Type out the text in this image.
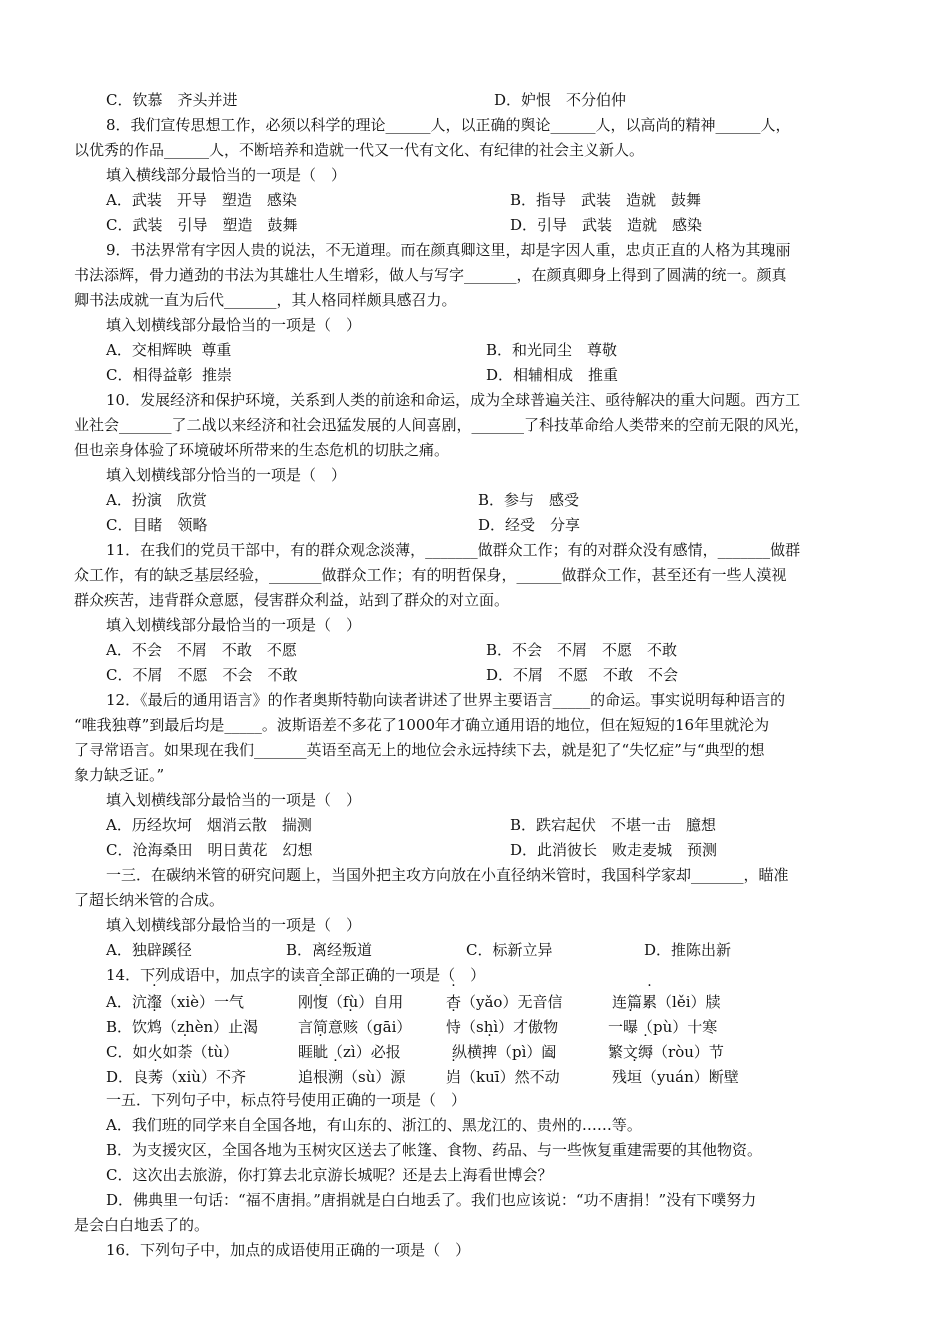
C．钦慕　齐头并进	D．妒恨　不分伯仲
8．我们宣传思想工作，必须以科学的理论______人，以正确的舆论______人，以高尚的精神______人，
以优秀的作品______人，不断培养和造就一代又一代有文化、有纪律的社会主义新人。
填入横线部分最恰当的一项是（　）
A．武装　开导　塑造　感染	B．指导　武装　造就　鼓舞
C．武装　引导　塑造　鼓舞	D．引导　武装　造就　感染
9．书法界常有字因人贵的说法，不无道理。而在颜真卿这里，却是字因人重，忠贞正直的人格为其瑰丽
书法添辉，骨力遒劲的书法为其雄壮人生增彩，做人与写字_______，在颜真卿身上得到了圆满的统一。颜真
卿书法成就一直为后代_______，其人格同样颇具感召力。
填入划横线部分最恰当的一项是（　）
A．交相辉映  尊重	B．和光同尘　尊敬
C．相得益彰  推崇	D．相辅相成　推重
10．发展经济和保护环境，关系到人类的前途和命运，成为全球普遍关注、亟待解决的重大问题。西方工
业社会_______了二战以来经济和社会迅猛发展的人间喜剧，_______了科技革命给人类带来的空前无限的风光，
但也亲身体验了环境破坏所带来的生态危机的切肤之痛。
填入划横线部分恰当的一项是（　）
A．扮演　欣赏	B．参与　感受
C．目睹　领略	D．经受　分享
11．在我们的党员干部中，有的群众观念淡薄，_______做群众工作；有的对群众没有感情，_______做群
众工作，有的缺乏基层经验，_______做群众工作；有的明哲保身，______做群众工作，甚至还有一些人漠视
群众疾苦，违背群众意愿，侵害群众利益，站到了群众的对立面。
填入划横线部分最恰当的一项是（　）
A．不会　不屑　不敢　不愿	B．不会　不屑　不愿　不敢
C．不屑　不愿　不会　不敢	D．不屑　不愿　不敢　不会
12．《最后的通用语言》的作者奥斯特勒向读者讲述了世界主要语言_____的命运。事实说明每种语言的
“唯我独尊”到最后均是_____。波斯语差不多花了1000年才确立通用语的地位，但在短短的16年里就沦为
了寻常语言。如果现在我们_______英语至高无上的地位会永远持续下去，就是犯了“失忆症”与“典型的想
象力缺乏证。”
填入划横线部分最恰当的一项是（　）
A．历经坎坷　烟消云散　揣测	B．跌宕起伏　不堪一击　臆想
C．沧海桑田　明日黄花　幻想	D．此消彼长　败走麦城　预测
一三．在碳纳米管的研究问题上，当国外把主攻方向放在小直径纳米管时，我国科学家却_______，瞄准
了超长纳米管的合成。
填入划横线部分最恰当的一项是（　）
A．独辟蹊径	B．离经叛道	C．标新立异	D．推陈出新
14．下列成语中，加点字的读音全部正确的一项是（　）
A．沆瀣（xiè）一气	刚愎（fù）自用	杳（yǎo）无音信	连篇累（lěi）牍
B．饮鸩（zhèn）止渴	言简意赅（gāi） 恃（shì）才傲物	一曝（pù）十寒
C．如火如荼（tù）	睚眦（zì）必报	纵横捭（pì）阖	繁文缛（ròu）节
D．良莠（xiù）不齐	追根溯（sù）源	岿（kuī）然不动	残垣（yuán）断壁
一五．下列句子中，标点符号使用正确的一项是（　）
A．我们班的同学来自全国各地，有山东的、浙江的、黑龙江的、贵州的……等。
B．为支援灾区，全国各地为玉树灾区送去了帐篷、食物、药品、与一些恢复重建需要的其他物资。
C．这次出去旅游，你打算去北京游长城呢？还是去上海看世博会？
D．佛典里一句话：“福不唐捐。”唐捐就是白白地丢了。我们也应该说：“功不唐捐！”没有下噗努力
是会白白地丢了的。
16．下列句子中，加点的成语使用正确的一项是（　）
